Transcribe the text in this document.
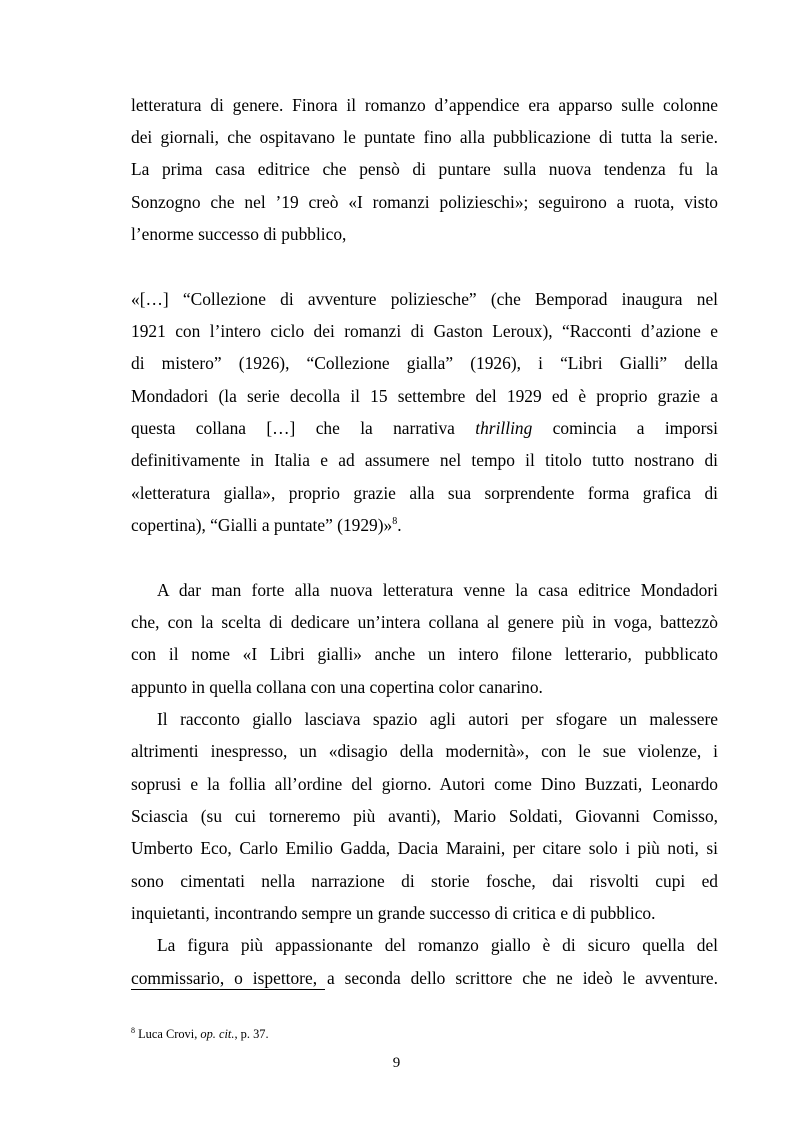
letteratura di genere. Finora il romanzo d’appendice era apparso sulle colonne

dei giornali, che ospitavano le puntate fino alla pubblicazione di tutta la serie.

La prima casa editrice che pensò di puntare sulla nuova tendenza fu la

Sonzogno che nel ’19 creò «I romanzi polizieschi»; seguirono a ruota, visto

l’enorme successo di pubblico,

«[…] “Collezione di avventure poliziesche” (che Bemporad inaugura nel

1921 con l’intero ciclo dei romanzi di Gaston Leroux), “Racconti d’azione e

di mistero” (1926), “Collezione gialla” (1926), i “Libri Gialli” della

Mondadori (la serie decolla il 15 settembre del 1929 ed è proprio grazie a

questa collana […] che la narrativa thrilling comincia a imporsi

definitivamente in Italia e ad assumere nel tempo il titolo tutto nostrano di

«letteratura gialla», proprio grazie alla sua sorprendente forma grafica di

copertina), “Gialli a puntate” (1929)»$^8$.

A dar man forte alla nuova letteratura venne la casa editrice Mondadori

che, con la scelta di dedicare un’intera collana al genere più in voga, battezzò

con il nome «I Libri gialli» anche un intero filone letterario, pubblicato

appunto in quella collana con una copertina color canarino.

Il racconto giallo lasciava spazio agli autori per sfogare un malessere

altrimenti inespresso, un «disagio della modernità», con le sue violenze, i

soprusi e la follia all’ordine del giorno. Autori come Dino Buzzati, Leonardo

Sciascia (su cui torneremo più avanti), Mario Soldati, Giovanni Comisso,

Umberto Eco, Carlo Emilio Gadda, Dacia Maraini, per citare solo i più noti, si

sono cimentati nella narrazione di storie fosche, dai risvolti cupi ed

inquietanti, incontrando sempre un grande successo di critica e di pubblico.

La figura più appassionante del romanzo giallo è di sicuro quella del

commissario, o ispettore, a seconda dello scrittore che ne ideò le avventure.

$^8$ Luca Crovi, op. cit., p. 37.
9
